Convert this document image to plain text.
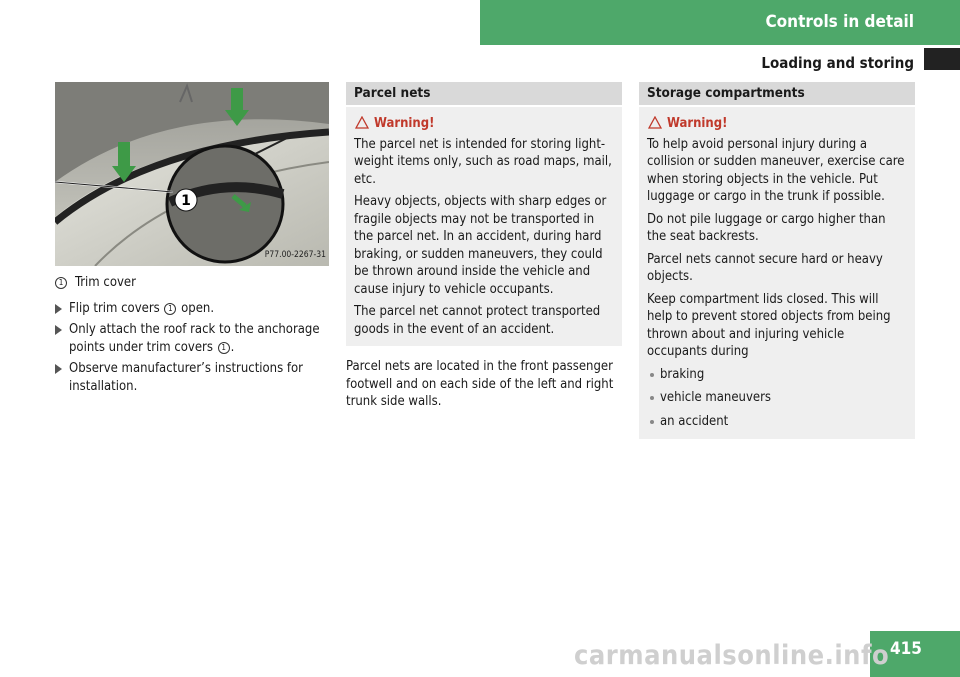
Controls in detail
Loading and storing
1
P77.00-2267-31
1 Trim cover
Flip trim covers 1 open.
Only attach the roof rack to the anchorage points under trim covers 1 .
Observe manufacturer’s instructions for installation.
Parcel nets
Warning!

The parcel net is intended for storing light-weight items only, such as road maps, mail, etc.

Heavy objects, objects with sharp edges or fragile objects may not be transported in the parcel net. In an accident, during hard braking, or sudden maneuvers, they could be thrown around inside the vehicle and cause injury to vehicle occupants.

The parcel net cannot protect transported goods in the event of an accident.

Parcel nets are located in the front passenger footwell and on each side of the left and right trunk side walls.

Storage compartments
Warning!

To help avoid personal injury during a collision or sudden maneuver, exercise care when storing objects in the vehicle. Put luggage or cargo in the trunk if possible.

Do not pile luggage or cargo higher than the seat backrests.

Parcel nets cannot secure hard or heavy objects.

Keep compartment lids closed. This will help to prevent stored objects from being thrown about and injuring vehicle occupants during

braking
vehicle maneuvers
an accident
415
carmanualsonline.info
